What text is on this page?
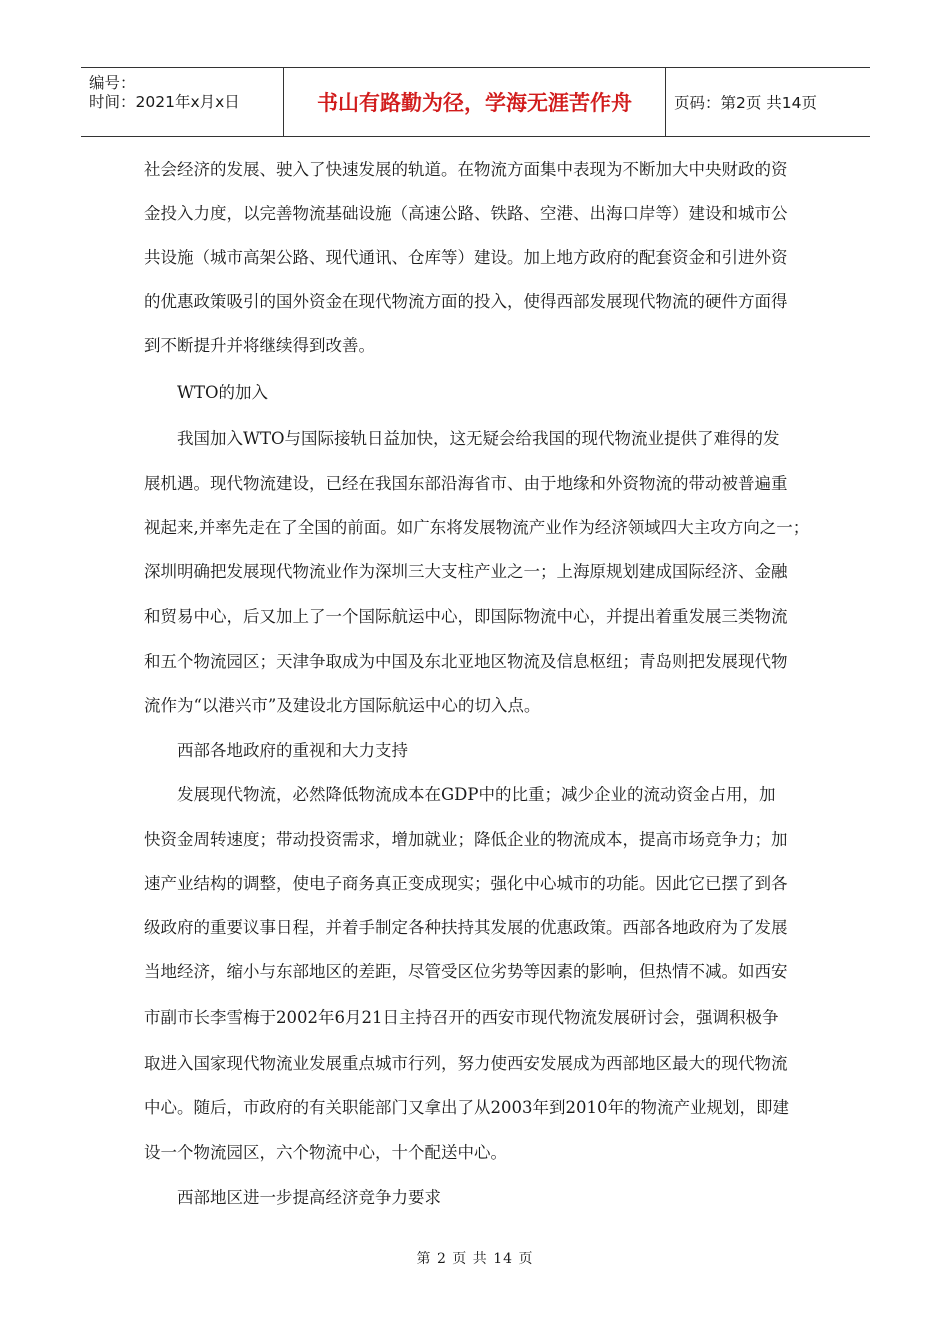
编号：
时间：2021年x月x日	书山有路勤为径，学海无涯苦作舟	页码：第2页 共14页
社会经济的发展、驶入了快速发展的轨道。在物流方面集中表现为不断加大中央财政的资
金投入力度，以完善物流基础设施（高速公路、铁路、空港、出海口岸等）建设和城市公
共设施（城市高架公路、现代通讯、仓库等）建设。加上地方政府的配套资金和引进外资
的优惠政策吸引的国外资金在现代物流方面的投入，使得西部发展现代物流的硬件方面得
到不断提升并将继续得到改善。
WTO的加入
我国加入WTO与国际接轨日益加快，这无疑会给我国的现代物流业提供了难得的发
展机遇。现代物流建设，已经在我国东部沿海省市、由于地缘和外资物流的带动被普遍重
视起来,并率先走在了全国的前面。如广东将发展物流产业作为经济领域四大主攻方向之一；
深圳明确把发展现代物流业作为深圳三大支柱产业之一；上海原规划建成国际经济、金融
和贸易中心，后又加上了一个国际航运中心，即国际物流中心，并提出着重发展三类物流
和五个物流园区；天津争取成为中国及东北亚地区物流及信息枢纽；青岛则把发展现代物
流作为“以港兴市”及建设北方国际航运中心的切入点。
西部各地政府的重视和大力支持
发展现代物流，必然降低物流成本在GDP中的比重；减少企业的流动资金占用，加
快资金周转速度；带动投资需求，增加就业；降低企业的物流成本，提高市场竞争力；加
速产业结构的调整，使电子商务真正变成现实；强化中心城市的功能。因此它已摆了到各
级政府的重要议事日程，并着手制定各种扶持其发展的优惠政策。西部各地政府为了发展
当地经济，缩小与东部地区的差距，尽管受区位劣势等因素的影响，但热情不减。如西安
市副市长李雪梅于2002年6月21日主持召开的西安市现代物流发展研讨会，强调积极争
取进入国家现代物流业发展重点城市行列，努力使西安发展成为西部地区最大的现代物流
中心。随后，市政府的有关职能部门又拿出了从2003年到2010年的物流产业规划，即建
设一个物流园区，六个物流中心，十个配送中心。
西部地区进一步提高经济竞争力要求
第 2 页 共 14 页
